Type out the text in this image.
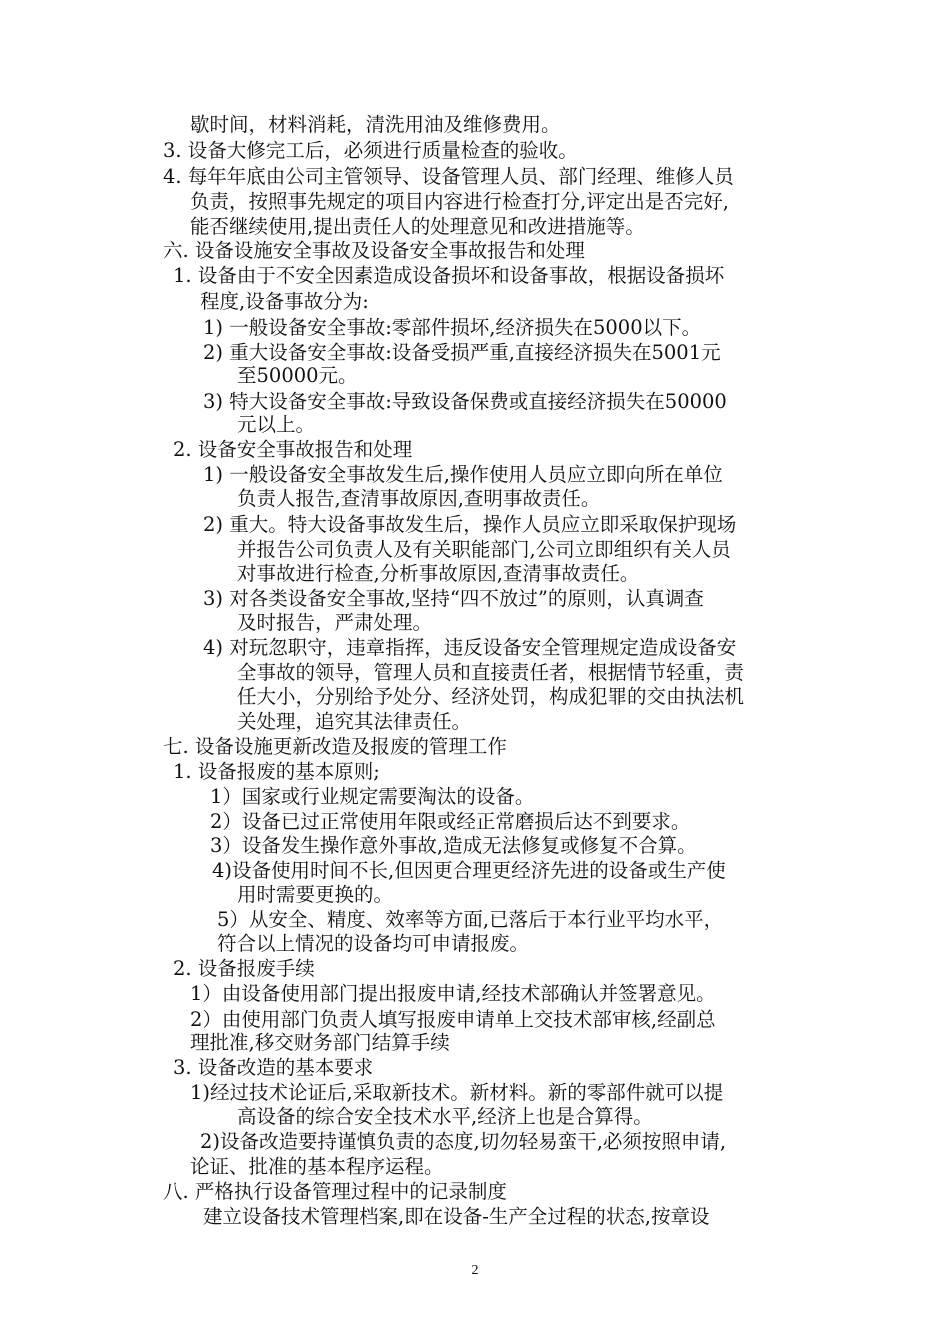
歇时间，材料消耗，清洗用油及维修费用。
3. 设备大修完工后，必须进行质量检查的验收。
4. 每年年底由公司主管领导、设备管理人员、部门经理、维修人员
负责，按照事先规定的项目内容进行检查打分,评定出是否完好,
能否继续使用,提出责任人的处理意见和改进措施等。
六. 设备设施安全事故及设备安全事故报告和处理
1. 设备由于不安全因素造成设备损坏和设备事故，根据设备损坏
程度,设备事故分为:
1) 一般设备安全事故:零部件损坏,经济损失在5000以下。
2) 重大设备安全事故:设备受损严重,直接经济损失在5001元
至50000元。
3) 特大设备安全事故:导致设备保费或直接经济损失在50000
元以上。
2. 设备安全事故报告和处理
1) 一般设备安全事故发生后,操作使用人员应立即向所在单位
负责人报告,查清事故原因,查明事故责任。
2) 重大。特大设备事故发生后，操作人员应立即采取保护现场
并报告公司负责人及有关职能部门,公司立即组织有关人员
对事故进行检查,分析事故原因,查清事故责任。
3) 对各类设备安全事故,坚持“四不放过”的原则，认真调查
及时报告，严肃处理。
4) 对玩忽职守，违章指挥，违反设备安全管理规定造成设备安
全事故的领导，管理人员和直接责任者，根据情节轻重，责
任大小，分别给予处分、经济处罚，构成犯罪的交由执法机
关处理，追究其法律责任。
七. 设备设施更新改造及报废的管理工作
1. 设备报废的基本原则;
1）国家或行业规定需要淘汰的设备。
2）设备已过正常使用年限或经正常磨损后达不到要求。
3）设备发生操作意外事故,造成无法修复或修复不合算。
4)设备使用时间不长,但因更合理更经济先进的设备或生产使
用时需要更换的。
5）从安全、精度、效率等方面,已落后于本行业平均水平，
符合以上情况的设备均可申请报废。
2. 设备报废手续
1）由设备使用部门提出报废申请,经技术部确认并签署意见。
2）由使用部门负责人填写报废申请单上交技术部审核,经副总
理批准,移交财务部门结算手续
3. 设备改造的基本要求
1)经过技术论证后,采取新技术。新材料。新的零部件就可以提
高设备的综合安全技术水平,经济上也是合算得。
2)设备改造要持谨慎负责的态度,切勿轻易蛮干,必须按照申请,
论证、批准的基本程序运程。
八. 严格执行设备管理过程中的记录制度
建立设备技术管理档案,即在设备-生产全过程的状态,按章设
2
